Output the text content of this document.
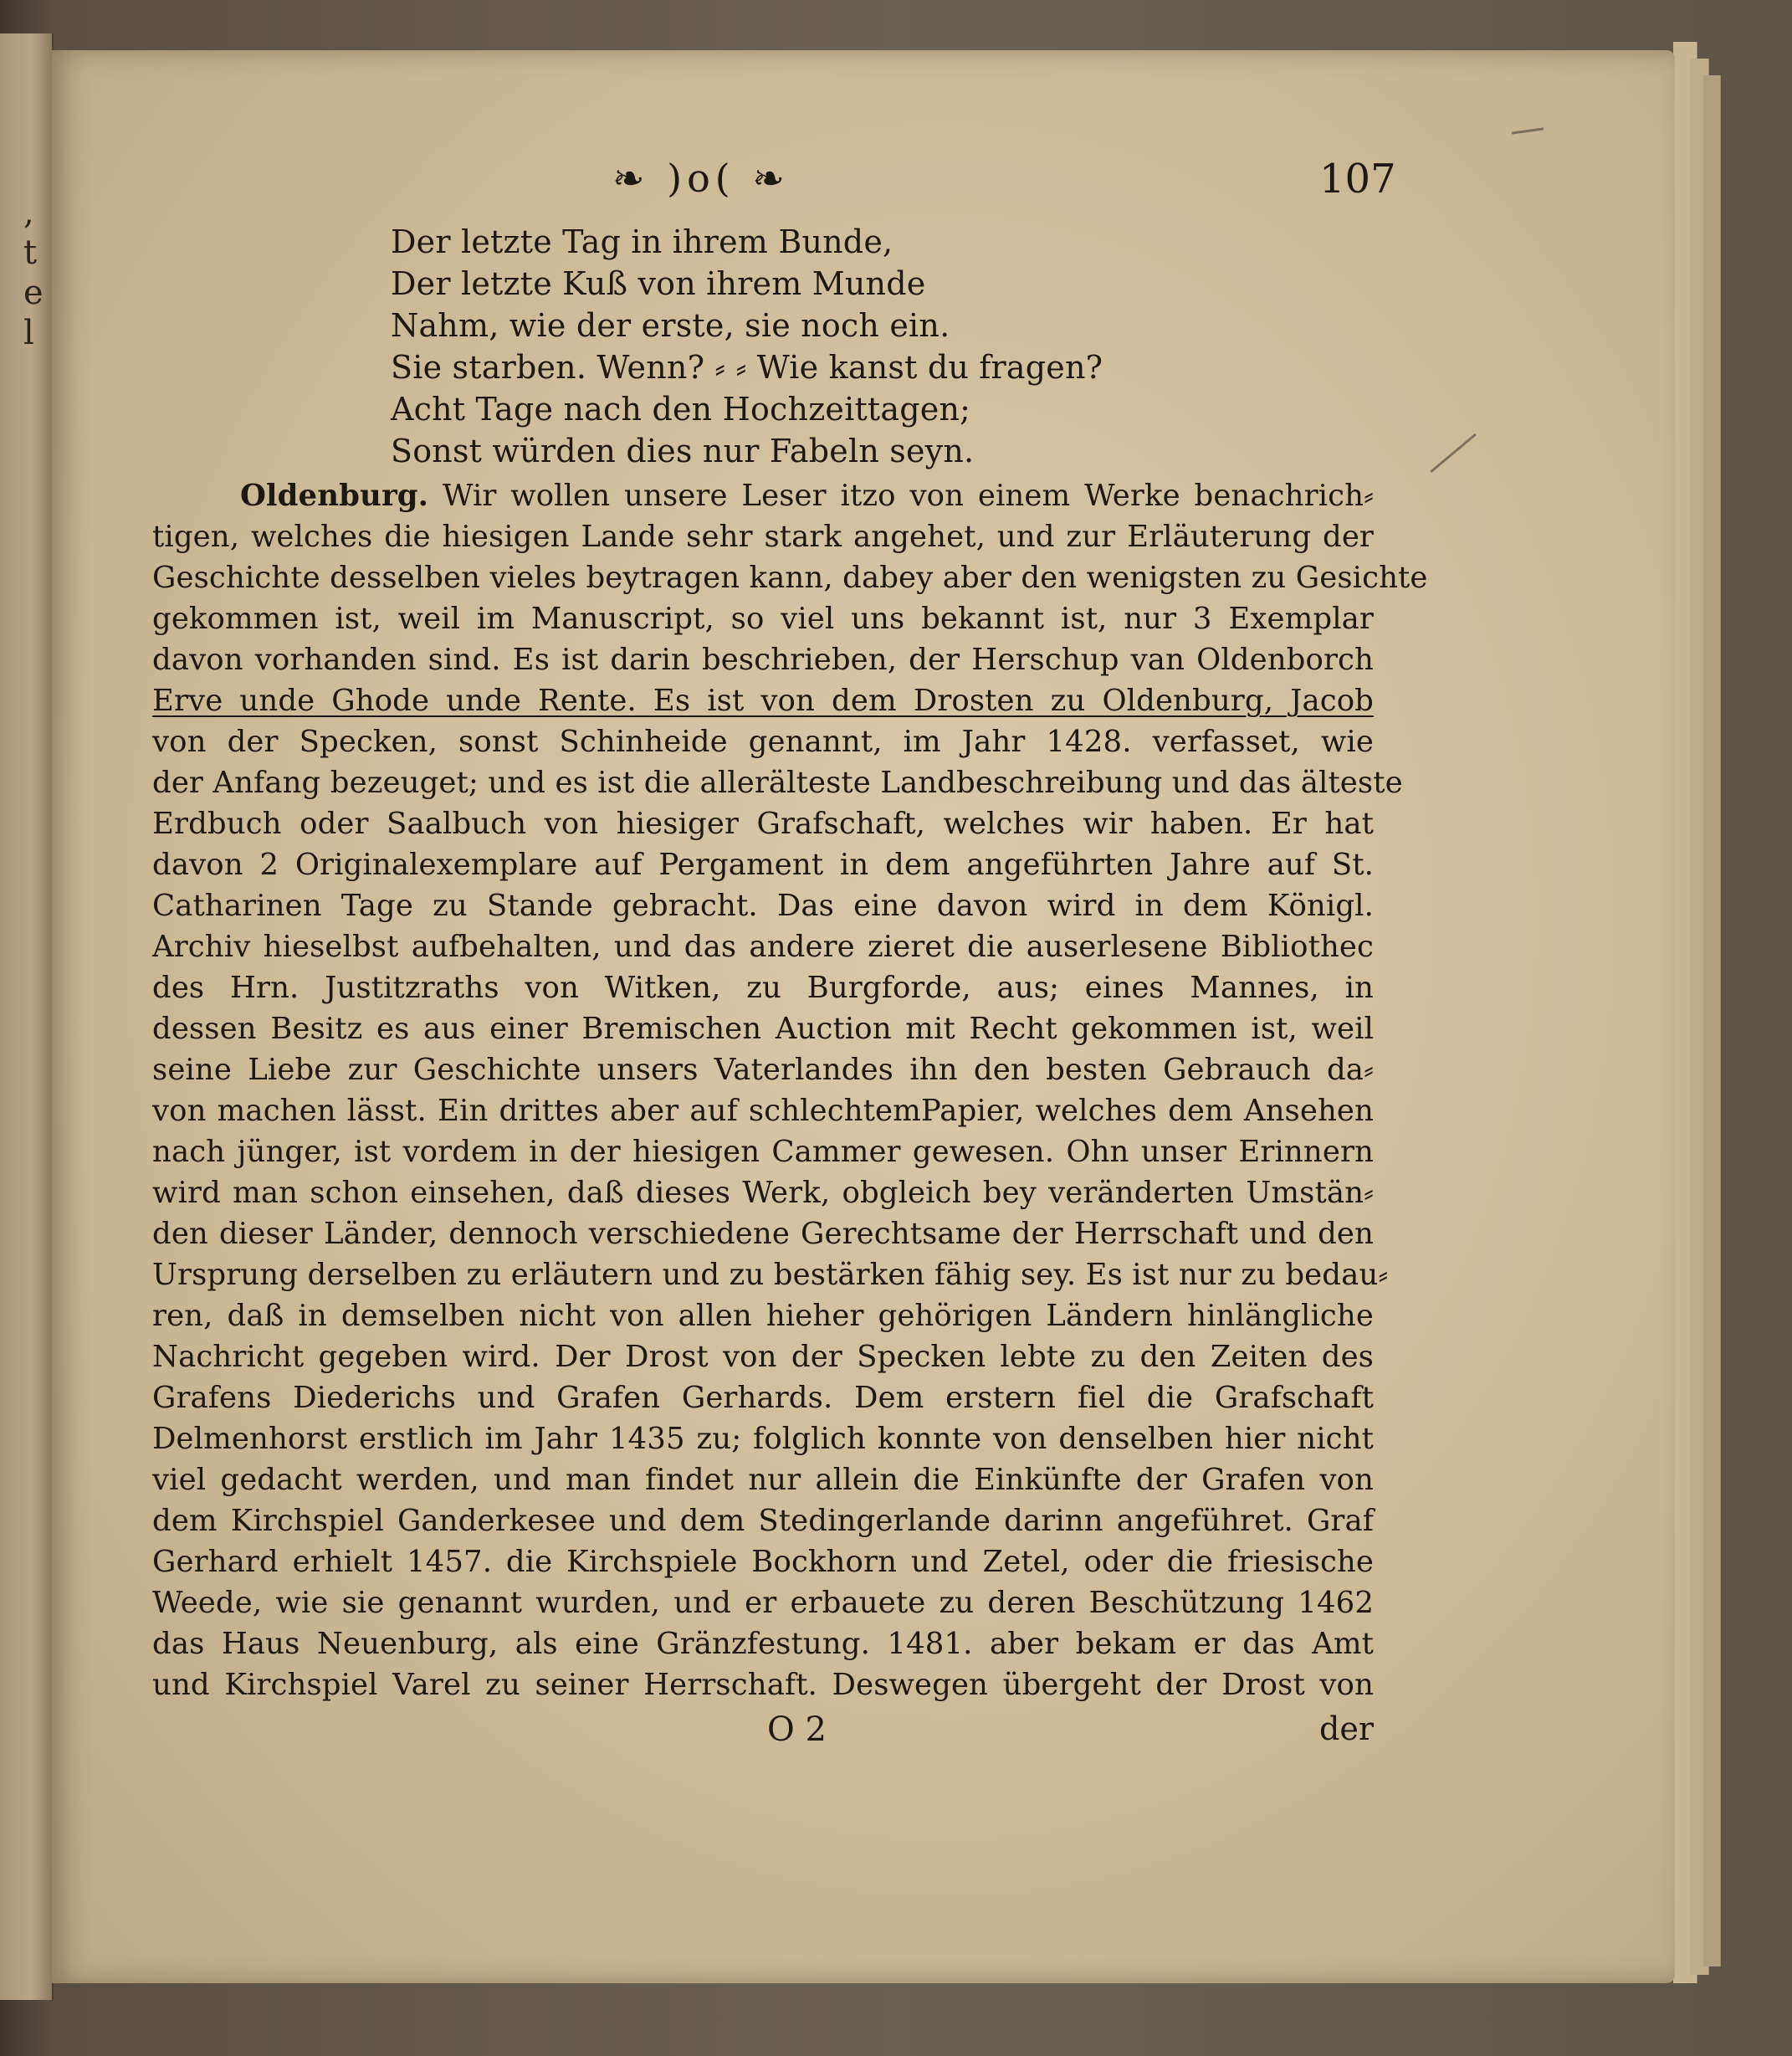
,
t
e
l
❧ )o( ❧	107
Der letzte Tag in ihrem Bunde,
Der letzte Kuß von ihrem Munde
Nahm, wie der erste, sie noch ein.
Sie starben. Wenn? ⸗ ⸗ Wie kanst du fragen?
Acht Tage nach den Hochzeittagen;
Sonst würden dies nur Fabeln seyn.
Oldenburg. Wir wollen unsere Leser itzo von einem Werke benachrich⸗
tigen, welches die hiesigen Lande sehr stark angehet, und zur Erläuterung der
Geschichte desselben vieles beytragen kann, dabey aber den wenigsten zu Gesichte
gekommen ist, weil im Manuscript, so viel uns bekannt ist, nur 3 Exemplar
davon vorhanden sind. Es ist darin beschrieben, der Herschup van Oldenborch
Erve unde Ghode unde Rente. Es ist von dem Drosten zu Oldenburg, Jacob
von der Specken, sonst Schinheide genannt, im Jahr 1428. verfasset, wie
der Anfang bezeuget; und es ist die allerälteste Landbeschreibung und das älteste
Erdbuch oder Saalbuch von hiesiger Grafschaft, welches wir haben. Er hat
davon 2 Originalexemplare auf Pergament in dem angeführten Jahre auf St.
Catharinen Tage zu Stande gebracht. Das eine davon wird in dem Königl.
Archiv hieselbst aufbehalten, und das andere zieret die auserlesene Bibliothec
des Hrn. Justitzraths von Witken, zu Burgforde, aus; eines Mannes, in
dessen Besitz es aus einer Bremischen Auction mit Recht gekommen ist, weil
seine Liebe zur Geschichte unsers Vaterlandes ihn den besten Gebrauch da⸗
von machen lässt. Ein drittes aber auf schlechtemPapier, welches dem Ansehen
nach jünger, ist vordem in der hiesigen Cammer gewesen. Ohn unser Erinnern
wird man schon einsehen, daß dieses Werk, obgleich bey veränderten Umstän⸗
den dieser Länder, dennoch verschiedene Gerechtsame der Herrschaft und den
Ursprung derselben zu erläutern und zu bestärken fähig sey. Es ist nur zu bedau⸗
ren, daß in demselben nicht von allen hieher gehörigen Ländern hinlängliche
Nachricht gegeben wird. Der Drost von der Specken lebte zu den Zeiten des
Grafens Diederichs und Grafen Gerhards. Dem erstern fiel die Grafschaft
Delmenhorst erstlich im Jahr 1435 zu; folglich konnte von denselben hier nicht
viel gedacht werden, und man findet nur allein die Einkünfte der Grafen von
dem Kirchspiel Ganderkesee und dem Stedingerlande darinn angeführet. Graf
Gerhard erhielt 1457. die Kirchspiele Bockhorn und Zetel, oder die friesische
Weede, wie sie genannt wurden, und er erbauete zu deren Beschützung 1462
das Haus Neuenburg, als eine Gränzfestung. 1481. aber bekam er das Amt
und Kirchspiel Varel zu seiner Herrschaft. Deswegen übergeht der Drost von
O 2	der
